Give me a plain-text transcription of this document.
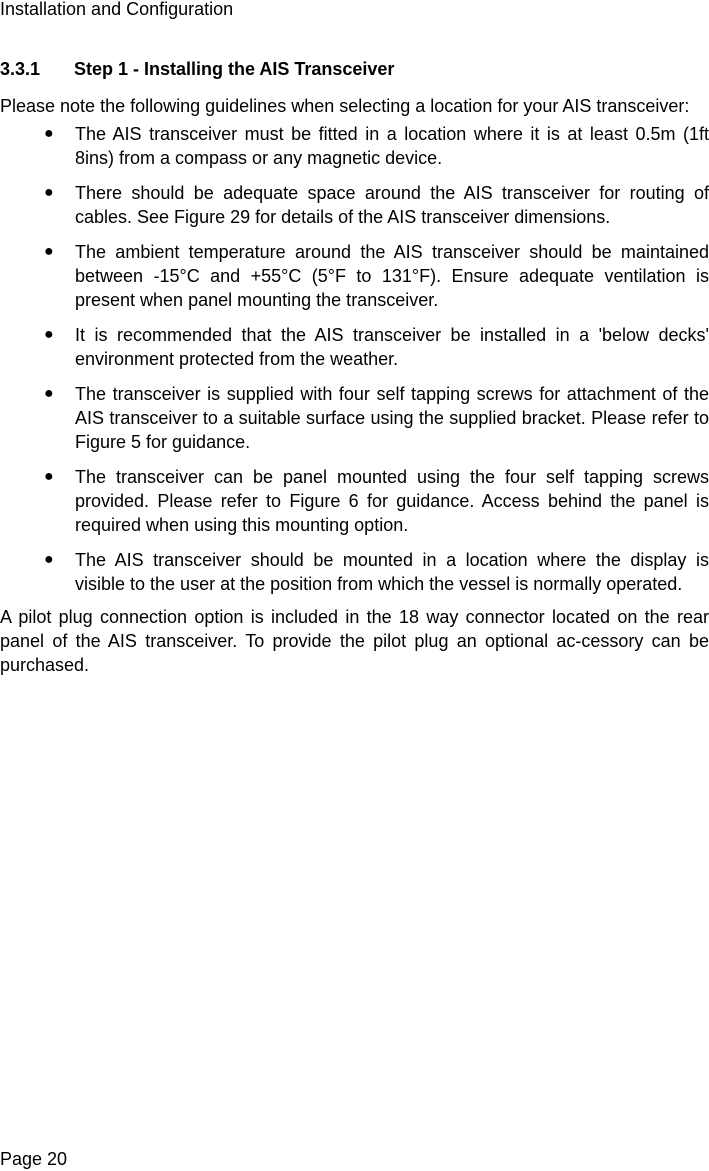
Installation and Configuration
3.3.1 Step 1 - Installing the AIS Transceiver

Please note the following guidelines when selecting a location for your AIS transceiver:

● The AIS transceiver must be fitted in a location where it is at least 0.5m (1ft 8ins) from a compass or any magnetic device.
● There should be adequate space around the AIS transceiver for routing of cables. See Figure 29 for details of the AIS transceiver dimensions.
● The ambient temperature around the AIS transceiver should be maintained between -15°C and +55°C (5°F to 131°F). Ensure adequate ventilation is present when panel mounting the transceiver.
● It is recommended that the AIS transceiver be installed in a 'below decks' environment protected from the weather.
● The transceiver is supplied with four self tapping screws for attachment of the AIS transceiver to a suitable surface using the supplied bracket. Please refer to Figure 5 for guidance.
● The transceiver can be panel mounted using the four self tapping screws provided. Please refer to Figure 6 for guidance. Access behind the panel is required when using this mounting option.
● The AIS transceiver should be mounted in a location where the display is visible to the user at the position from which the vessel is normally operated.

A pilot plug connection option is included in the 18 way connector located on the rear panel of the AIS transceiver. To provide the pilot plug an optional ac-cessory can be purchased.

Page 20
